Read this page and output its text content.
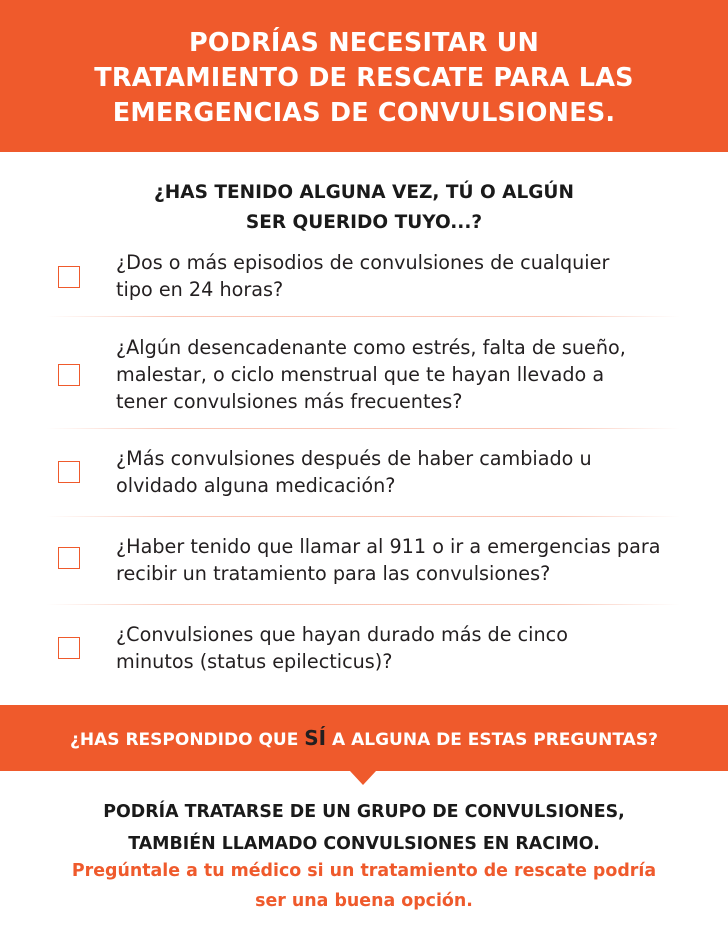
PODRÍAS NECESITAR UN
TRATAMIENTO DE RESCATE PARA LAS
EMERGENCIAS DE CONVULSIONES.
¿HAS TENIDO ALGUNA VEZ, TÚ O ALGÚN
SER QUERIDO TUYO...?
¿Dos o más episodios de convulsiones de cualquier
tipo en 24 horas?
¿Algún desencadenante como estrés, falta de sueño,
malestar, o ciclo menstrual que te hayan llevado a
tener convulsiones más frecuentes?
¿Más convulsiones después de haber cambiado u
olvidado alguna medicación?
¿Haber tenido que llamar al 911 o ir a emergencias para
recibir un tratamiento para las convulsiones?
¿Convulsiones que hayan durado más de cinco
minutos (status epilecticus)?
¿HAS RESPONDIDO QUE SÍ A ALGUNA DE ESTAS PREGUNTAS?
PODRÍA TRATARSE DE UN GRUPO DE CONVULSIONES,
TAMBIÉN LLAMADO CONVULSIONES EN RACIMO.
Pregúntale a tu médico si un tratamiento de rescate podría
ser una buena opción.
